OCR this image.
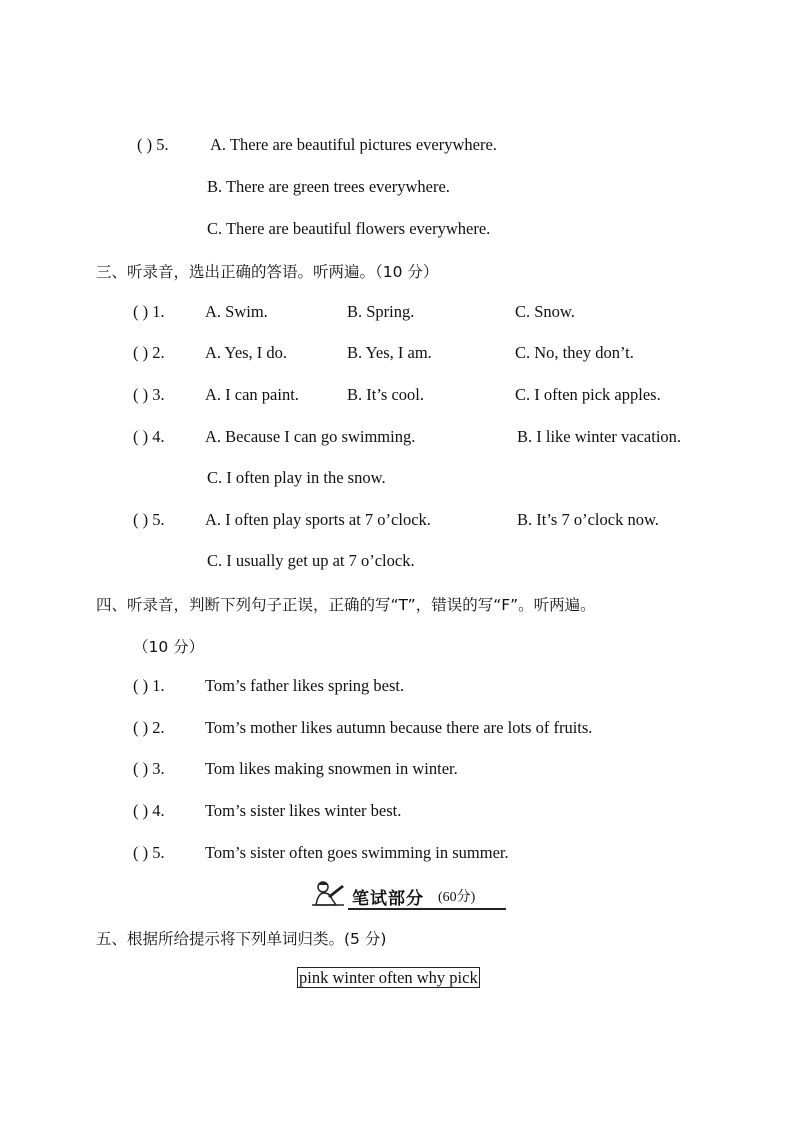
( ) 5.	A. There are beautiful pictures everywhere.
B. There are green trees everywhere.
C. There are beautiful flowers everywhere.
三、听录音，选出正确的答语。听两遍。（10 分）
( ) 1. A. Swim.	B. Spring.	C. Snow.
( ) 2. A. Yes, I do.	B. Yes, I am.	C. No, they don’t.
( ) 3. A. I can paint.	B. It’s cool.	C. I often pick apples.
( ) 4. A. Because I can go swimming.	B. I like winter vacation.
C. I often play in the snow.
( ) 5. A. I often play sports at 7 o’clock.	B. It’s 7 o’clock now.
C. I usually get up at 7 o’clock.
四、听录音，判断下列句子正误，正确的写“T”，错误的写“F”。听两遍。
（10 分）
( ) 1. Tom’s father likes spring best.
( ) 2. Tom’s mother likes autumn because there are lots of fruits.
( ) 3. Tom likes making snowmen in winter.
( ) 4. Tom’s sister likes winter best.
( ) 5. Tom’s sister often goes swimming in summer.
笔试部分 (60分)
五、根据所给提示将下列单词归类。(5 分)
pink winter often why pick
